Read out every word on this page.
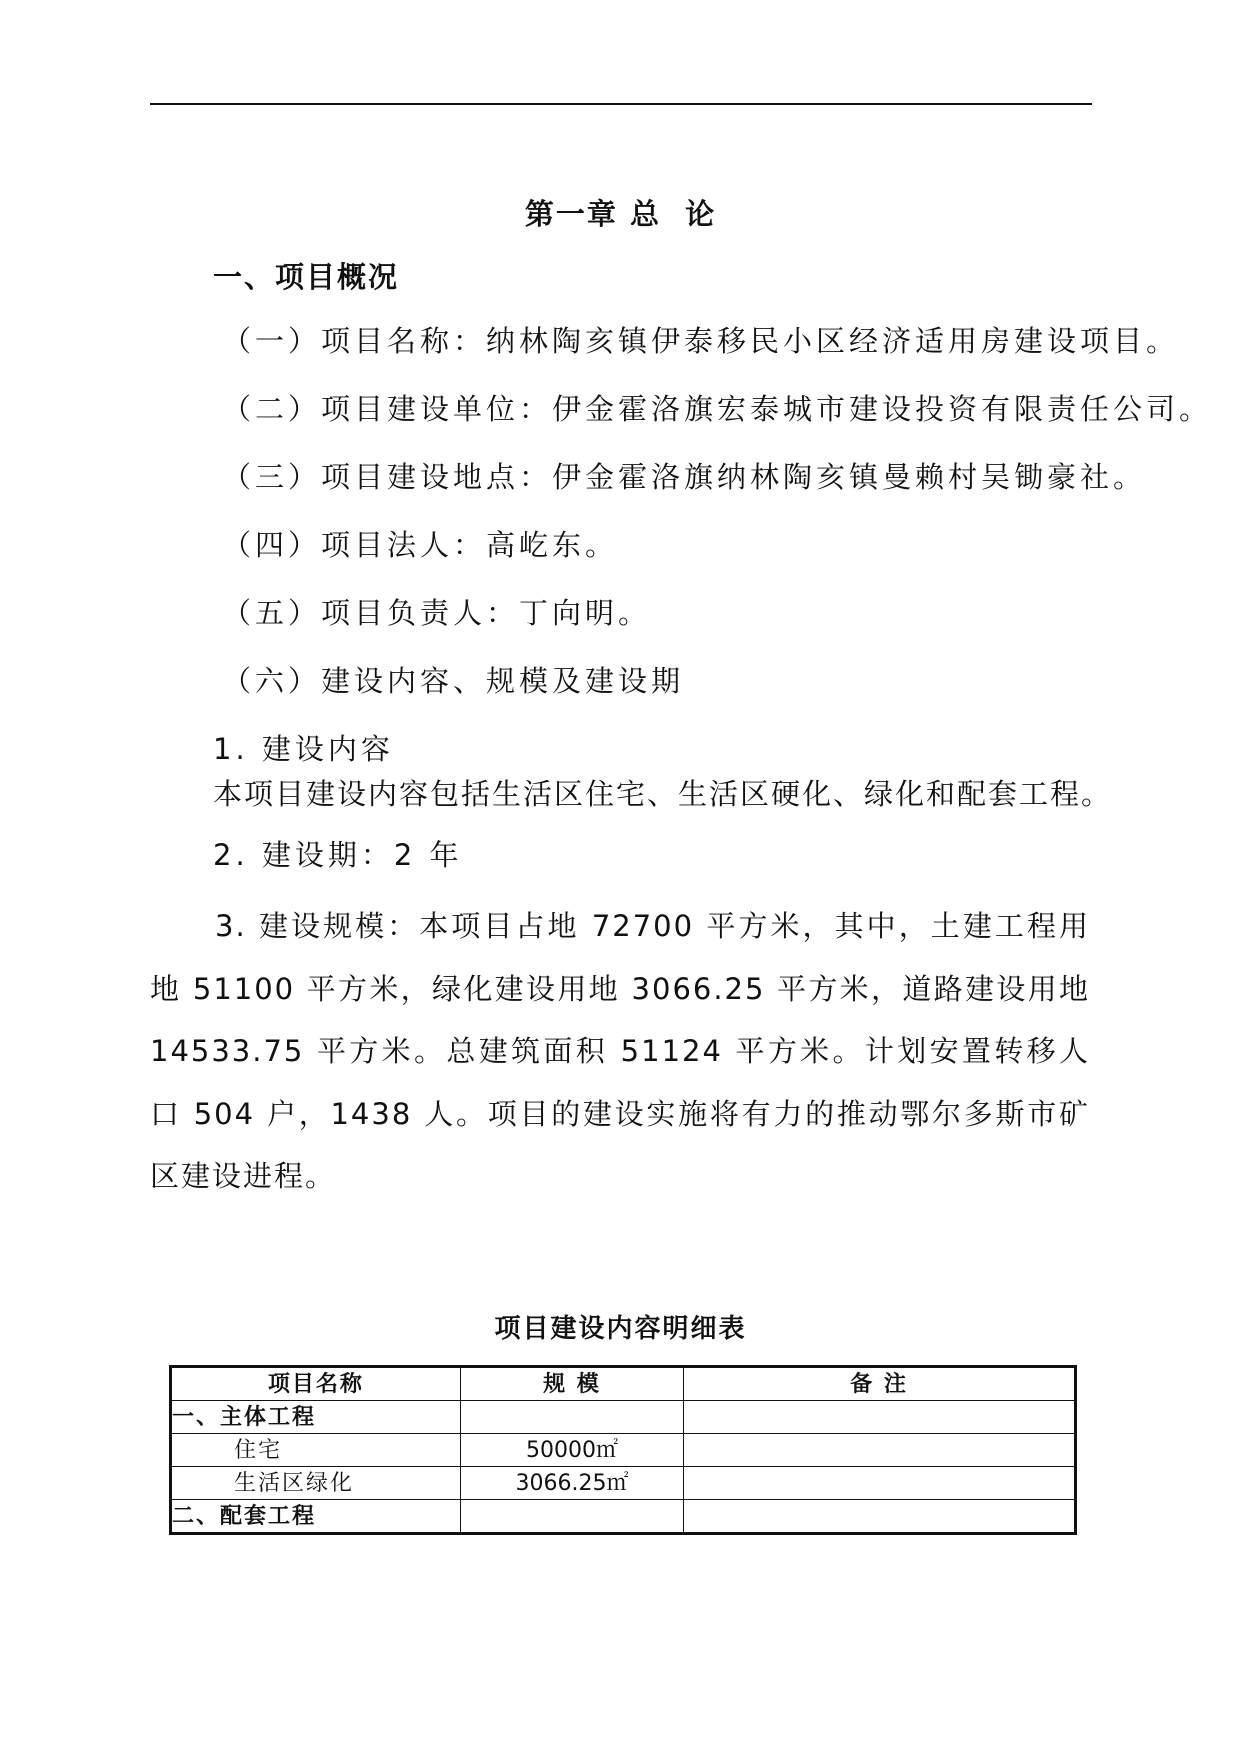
第一章 总  论
一、项目概况
（一）项目名称：纳林陶亥镇伊泰移民小区经济适用房建设项目。
（二）项目建设单位：伊金霍洛旗宏泰城市建设投资有限责任公司。
（三）项目建设地点：伊金霍洛旗纳林陶亥镇曼赖村吴锄豪社。
（四）项目法人：高屹东。
（五）项目负责人：丁向明。
（六）建设内容、规模及建设期
1. 建设内容
本项目建设内容包括生活区住宅、生活区硬化、绿化和配套工程。
2. 建设期：2 年
3. 建设规模：本项目占地 72700 平方米，其中，土建工程用地 51100 平方米，绿化建设用地 3066.25 平方米，道路建设用地 14533.75 平方米。总建筑面积 51124 平方米。计划安置转移人口 504 户，1438 人。项目的建设实施将有力的推动鄂尔多斯市矿区建设进程。
项目建设内容明细表
项目名称	规 模	备 注
一、主体工程		
住宅	50000㎡	
生活区绿化	3066.25㎡	
二、配套工程		
